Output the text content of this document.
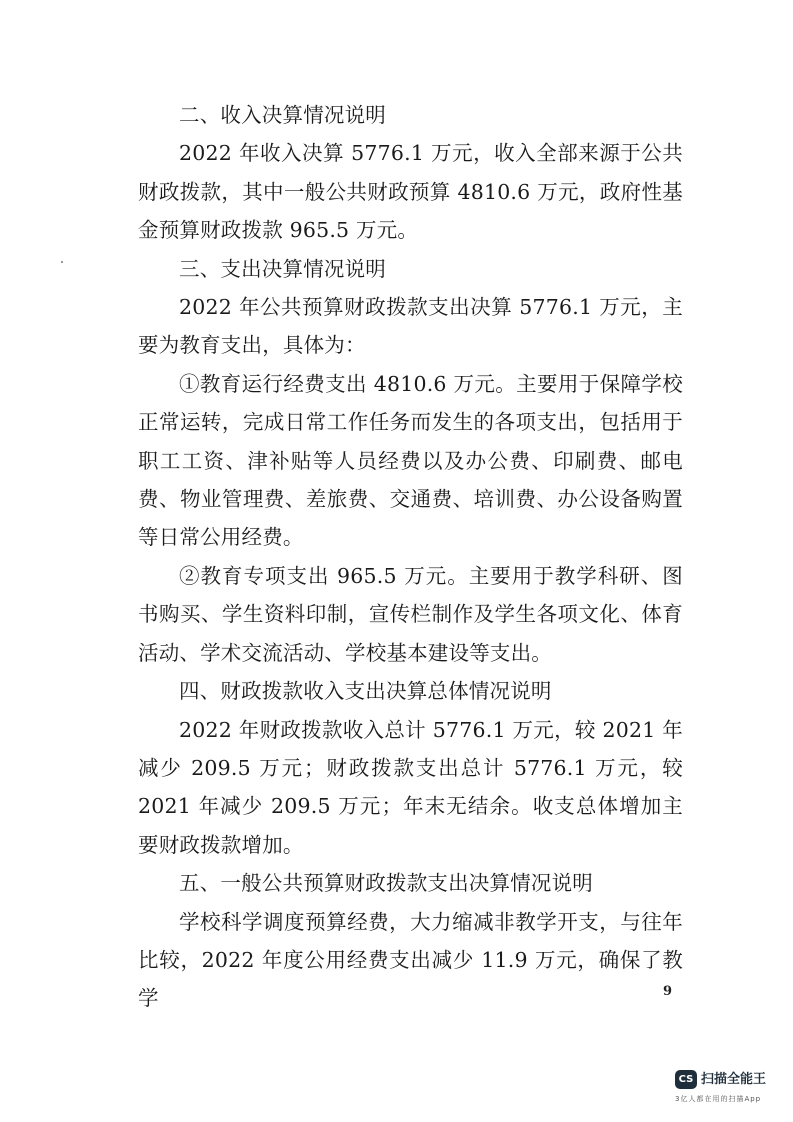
二、收入决算情况说明

2022 年收入决算 5776.1 万元，收入全部来源于公共财政拨款，其中一般公共财政预算 4810.6 万元，政府性基金预算财政拨款 965.5 万元。

三、支出决算情况说明

2022 年公共预算财政拨款支出决算 5776.1 万元，主要为教育支出，具体为：

①教育运行经费支出 4810.6 万元。主要用于保障学校正常运转，完成日常工作任务而发生的各项支出，包括用于职工工资、津补贴等人员经费以及办公费、印刷费、邮电费、物业管理费、差旅费、交通费、培训费、办公设备购置等日常公用经费。

②教育专项支出 965.5 万元。主要用于教学科研、图书购买、学生资料印制，宣传栏制作及学生各项文化、体育活动、学术交流活动、学校基本建设等支出。

四、财政拨款收入支出决算总体情况说明

2022 年财政拨款收入总计 5776.1 万元，较 2021 年减少 209.5 万元；财政拨款支出总计 5776.1 万元，较 2021 年减少 209.5 万元；年末无结余。收支总体增加主要财政拨款增加。

五、一般公共预算财政拨款支出决算情况说明

学校科学调度预算经费，大力缩减非教学开支，与往年比较，2022 年度公用经费支出减少 11.9 万元，确保了教学	9
CS 扫描全能王
3亿人都在用的扫描App
